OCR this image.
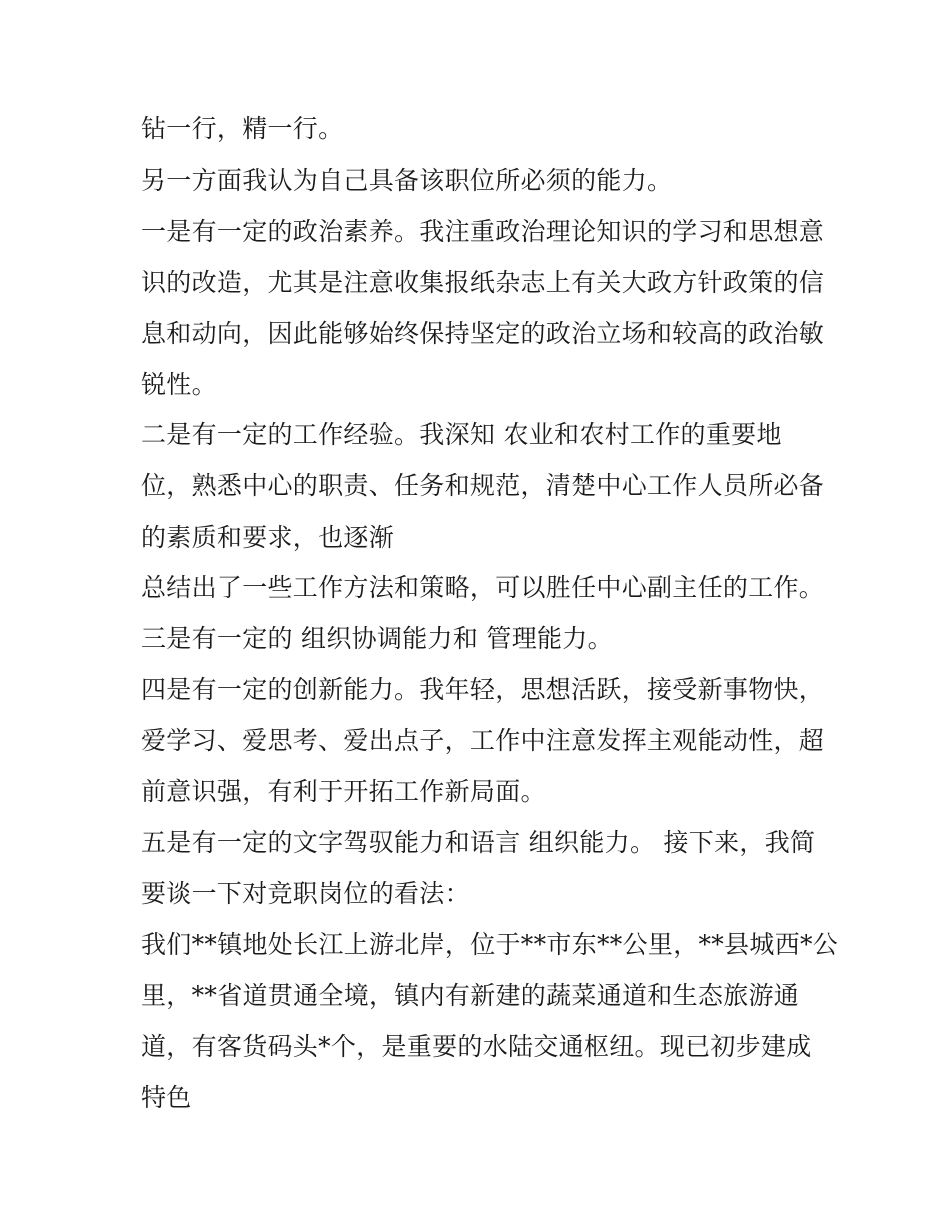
钻一行，精一行。
另一方面我认为自己具备该职位所必须的能力。
一是有一定的政治素养。我注重政治理论知识的学习和思想意
识的改造，尤其是注意收集报纸杂志上有关大政方针政策的信
息和动向，因此能够始终保持坚定的政治立场和较高的政治敏
锐性。
二是有一定的工作经验。我深知 农业和农村工作的重要地
位，熟悉中心的职责、任务和规范，清楚中心工作人员所必备
的素质和要求，也逐渐
总结出了一些工作方法和策略，可以胜任中心副主任的工作。
三是有一定的 组织协调能力和 管理能力。
四是有一定的创新能力。我年轻，思想活跃，接受新事物快，
爱学习、爱思考、爱出点子，工作中注意发挥主观能动性，超
前意识强，有利于开拓工作新局面。
五是有一定的文字驾驭能力和语言 组织能力。 接下来，我简
要谈一下对竞职岗位的看法：
我们**镇地处长江上游北岸，位于**市东**公里，**县城西*公
里，**省道贯通全境，镇内有新建的蔬菜通道和生态旅游通
道，有客货码头*个，是重要的水陆交通枢纽。现已初步建成
特色
